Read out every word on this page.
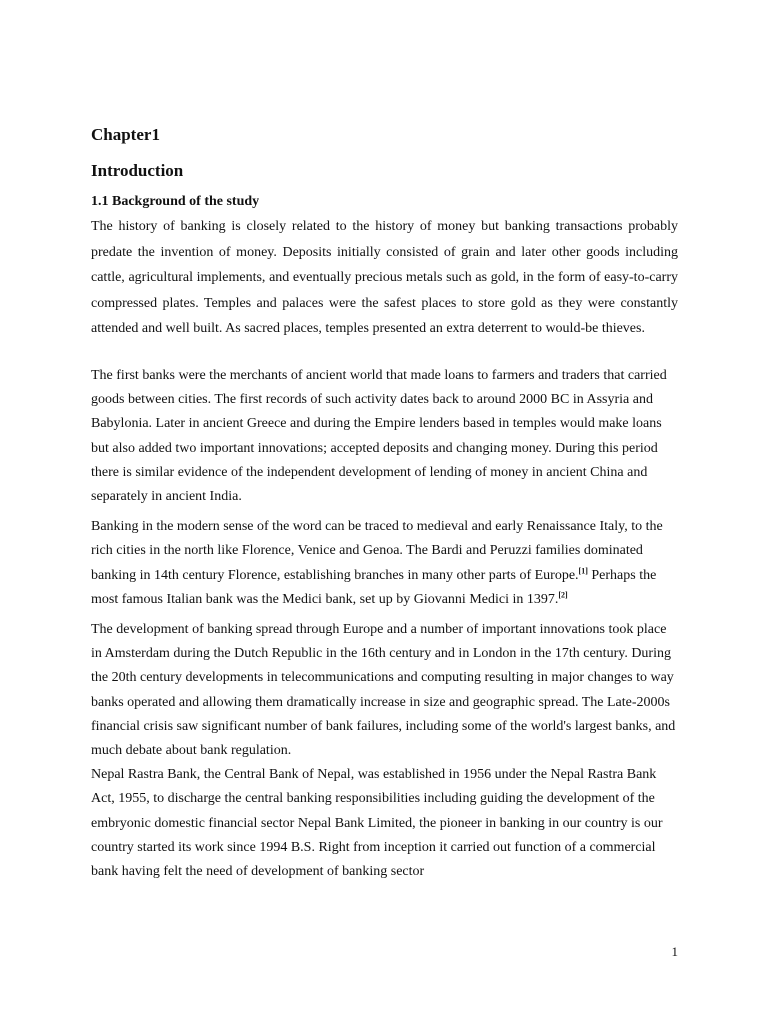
Chapter1
Introduction
1.1 Background of the study

The history of banking is closely related to the history of money but banking transactions probably predate the invention of money. Deposits initially consisted of grain and later other goods including cattle, agricultural implements, and eventually precious metals such as gold, in the form of easy-to-carry compressed plates. Temples and palaces were the safest places to store gold as they were constantly attended and well built. As sacred places, temples presented an extra deterrent to would-be thieves.

The first banks were the merchants of ancient world that made loans to farmers and traders that carried goods between cities. The first records of such activity dates back to around 2000 BC in Assyria and Babylonia. Later in ancient Greece and during the Empire lenders based in temples would make loans but also added two important innovations; accepted deposits and changing money. During this period there is similar evidence of the independent development of lending of money in ancient China and separately in ancient India.

Banking in the modern sense of the word can be traced to medieval and early Renaissance Italy, to the rich cities in the north like Florence, Venice and Genoa. The Bardi and Peruzzi families dominated banking in 14th century Florence, establishing branches in many other parts of Europe.[1] Perhaps the most famous Italian bank was the Medici bank, set up by Giovanni Medici in 1397.[2]

The development of banking spread through Europe and a number of important innovations took place in Amsterdam during the Dutch Republic in the 16th century and in London in the 17th century. During the 20th century developments in telecommunications and computing resulting in major changes to way banks operated and allowing them dramatically increase in size and geographic spread. The Late-2000s financial crisis saw significant number of bank failures, including some of the world's largest banks, and much debate about bank regulation.

Nepal Rastra Bank, the Central Bank of Nepal, was established in 1956 under the Nepal Rastra Bank Act, 1955, to discharge the central banking responsibilities including guiding the development of the embryonic domestic financial sector Nepal Bank Limited, the pioneer in banking in our country is our country started its work since 1994 B.S. Right from inception it carried out function of a commercial bank having felt the need of development of banking sector

1
